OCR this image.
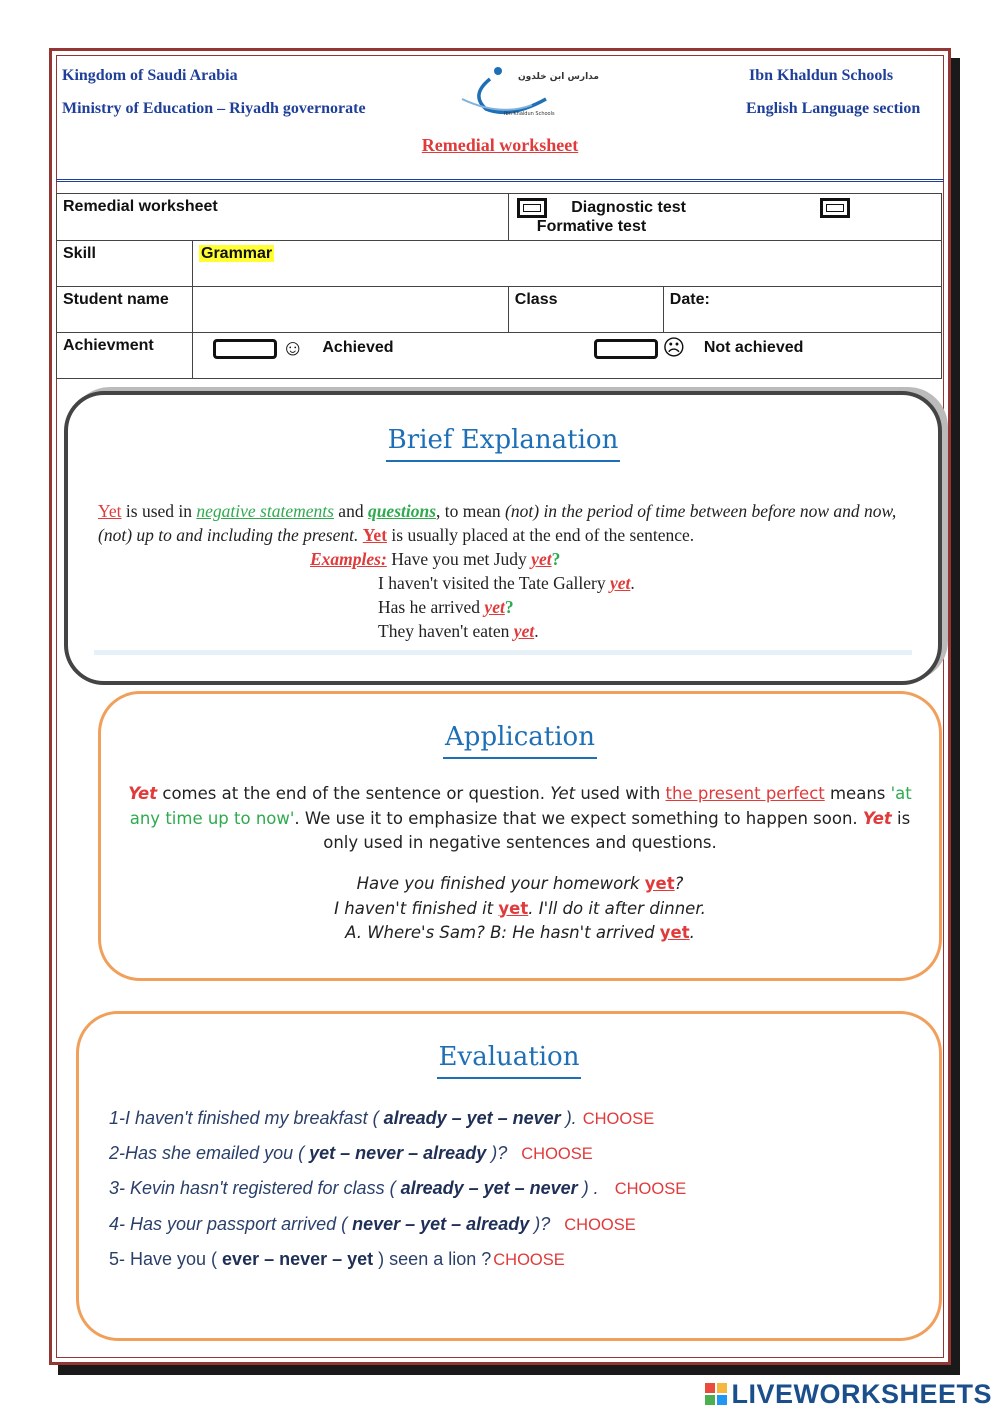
Kingdom of Saudi Arabia
Ministry of Education – Riyadh governorate
Ibn Khaldun Schools
English Language section
مدارس ابن خلدون
Ibn Khaldun Schools
Remedial worksheet
Remedial worksheet		Diagnostic test  Formative test	
Skill	Grammar		
Student name		Class	Date:
Achievment	☺ Achieved ☹ Not achieved		
Brief Explanation
Yet is used in negative statements and questions, to mean (not) in the period of time between before now and now, (not) up to and including the present. Yet is usually placed at the end of the sentence.
Examples: Have you met Judy yet?
I haven't visited the Tate Gallery yet.
Has he arrived yet?
They haven't eaten yet.
Application
Yet comes at the end of the sentence or question. Yet used with the present perfect means 'at any time up to now'. We use it to emphasize that we expect something to happen soon. Yet is only used in negative sentences and questions.
Have you finished your homework yet?
I haven't finished it yet. I'll do it after dinner.
A. Where's Sam? B: He hasn't arrived yet.
Evaluation
1-I haven't finished my breakfast ( already – yet – never ). CHOOSE
2-Has she emailed you ( yet – never – already )? CHOOSE
3- Kevin hasn't registered for class ( already – yet – never ) . CHOOSE
4- Has your passport arrived ( never – yet – already )? CHOOSE
5- Have you ( ever – never – yet ) seen a lion ? CHOOSE
LIVEWORKSHEETS
